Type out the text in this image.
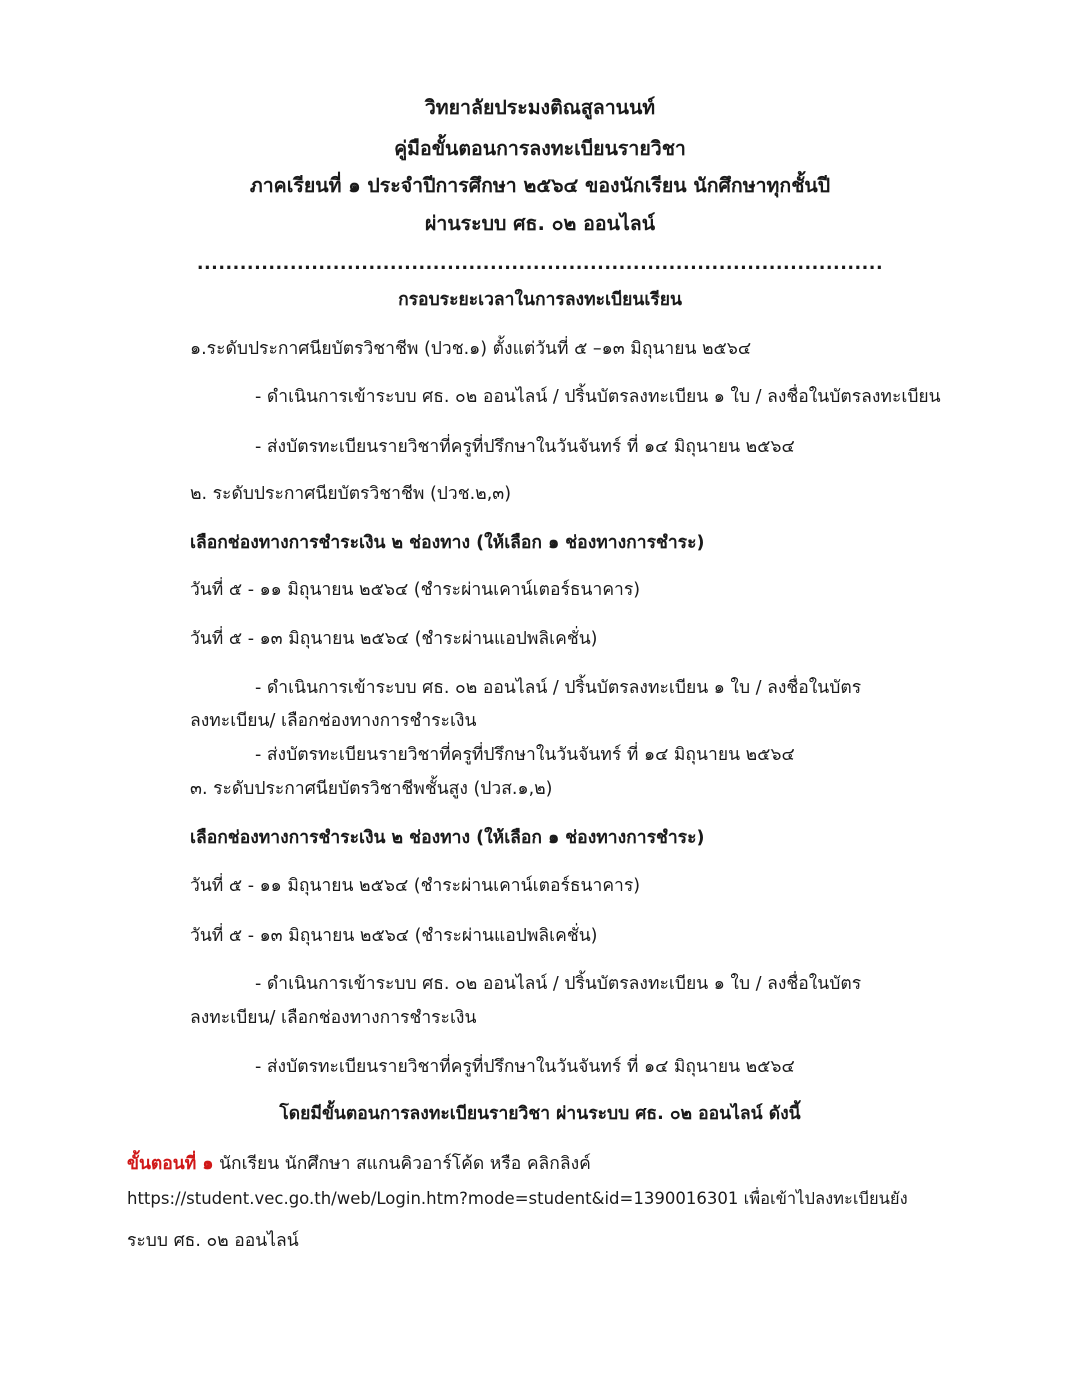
วิทยาลัยประมงติณสูลานนท์
คู่มือขั้นตอนการลงทะเบียนรายวิชา
ภาคเรียนที่ ๑ ประจำปีการศึกษา ๒๕๖๔ ของนักเรียน นักศึกษาทุกชั้นปี
ผ่านระบบ ศธ. ๐๒ ออนไลน์
................................................................................................
กรอบระยะเวลาในการลงทะเบียนเรียน
๑.ระดับประกาศนียบัตรวิชาชีพ (ปวช.๑) ตั้งแต่วันที่ ๕ –๑๓ มิถุนายน ๒๕๖๔
- ดำเนินการเข้าระบบ ศธ. ๐๒ ออนไลน์ / ปริ้นบัตรลงทะเบียน ๑ ใบ / ลงชื่อในบัตรลงทะเบียน
- ส่งบัตรทะเบียนรายวิชาที่ครูที่ปรึกษาในวันจันทร์ ที่ ๑๔ มิถุนายน ๒๕๖๔
๒. ระดับประกาศนียบัตรวิชาชีพ (ปวช.๒,๓)
เลือกช่องทางการชำระเงิน ๒ ช่องทาง (ให้เลือก ๑ ช่องทางการชำระ)
วันที่ ๕ - ๑๑ มิถุนายน ๒๕๖๔ (ชำระผ่านเคาน์เตอร์ธนาคาร)
วันที่ ๕ - ๑๓ มิถุนายน ๒๕๖๔ (ชำระผ่านแอปพลิเคชั่น)
- ดำเนินการเข้าระบบ ศธ. ๐๒ ออนไลน์ / ปริ้นบัตรลงทะเบียน ๑ ใบ / ลงชื่อในบัตร
ลงทะเบียน/ เลือกช่องทางการชำระเงิน
- ส่งบัตรทะเบียนรายวิชาที่ครูที่ปรึกษาในวันจันทร์ ที่ ๑๔ มิถุนายน ๒๕๖๔
๓. ระดับประกาศนียบัตรวิชาชีพชั้นสูง (ปวส.๑,๒)
เลือกช่องทางการชำระเงิน ๒ ช่องทาง (ให้เลือก ๑ ช่องทางการชำระ)
วันที่ ๕ - ๑๑ มิถุนายน ๒๕๖๔ (ชำระผ่านเคาน์เตอร์ธนาคาร)
วันที่ ๕ - ๑๓ มิถุนายน ๒๕๖๔ (ชำระผ่านแอปพลิเคชั่น)
- ดำเนินการเข้าระบบ ศธ. ๐๒ ออนไลน์ / ปริ้นบัตรลงทะเบียน ๑ ใบ / ลงชื่อในบัตร
ลงทะเบียน/ เลือกช่องทางการชำระเงิน
- ส่งบัตรทะเบียนรายวิชาที่ครูที่ปรึกษาในวันจันทร์ ที่ ๑๔ มิถุนายน ๒๕๖๔
โดยมีขั้นตอนการลงทะเบียนรายวิชา ผ่านระบบ ศธ. ๐๒ ออนไลน์ ดังนี้
ขั้นตอนที่ ๑ นักเรียน นักศึกษา สแกนคิวอาร์โค้ด หรือ คลิกลิงค์
https://student.vec.go.th/web/Login.htm?mode=student&id=1390016301 เพื่อเข้าไปลงทะเบียนยัง
ระบบ ศธ. ๐๒ ออนไลน์
